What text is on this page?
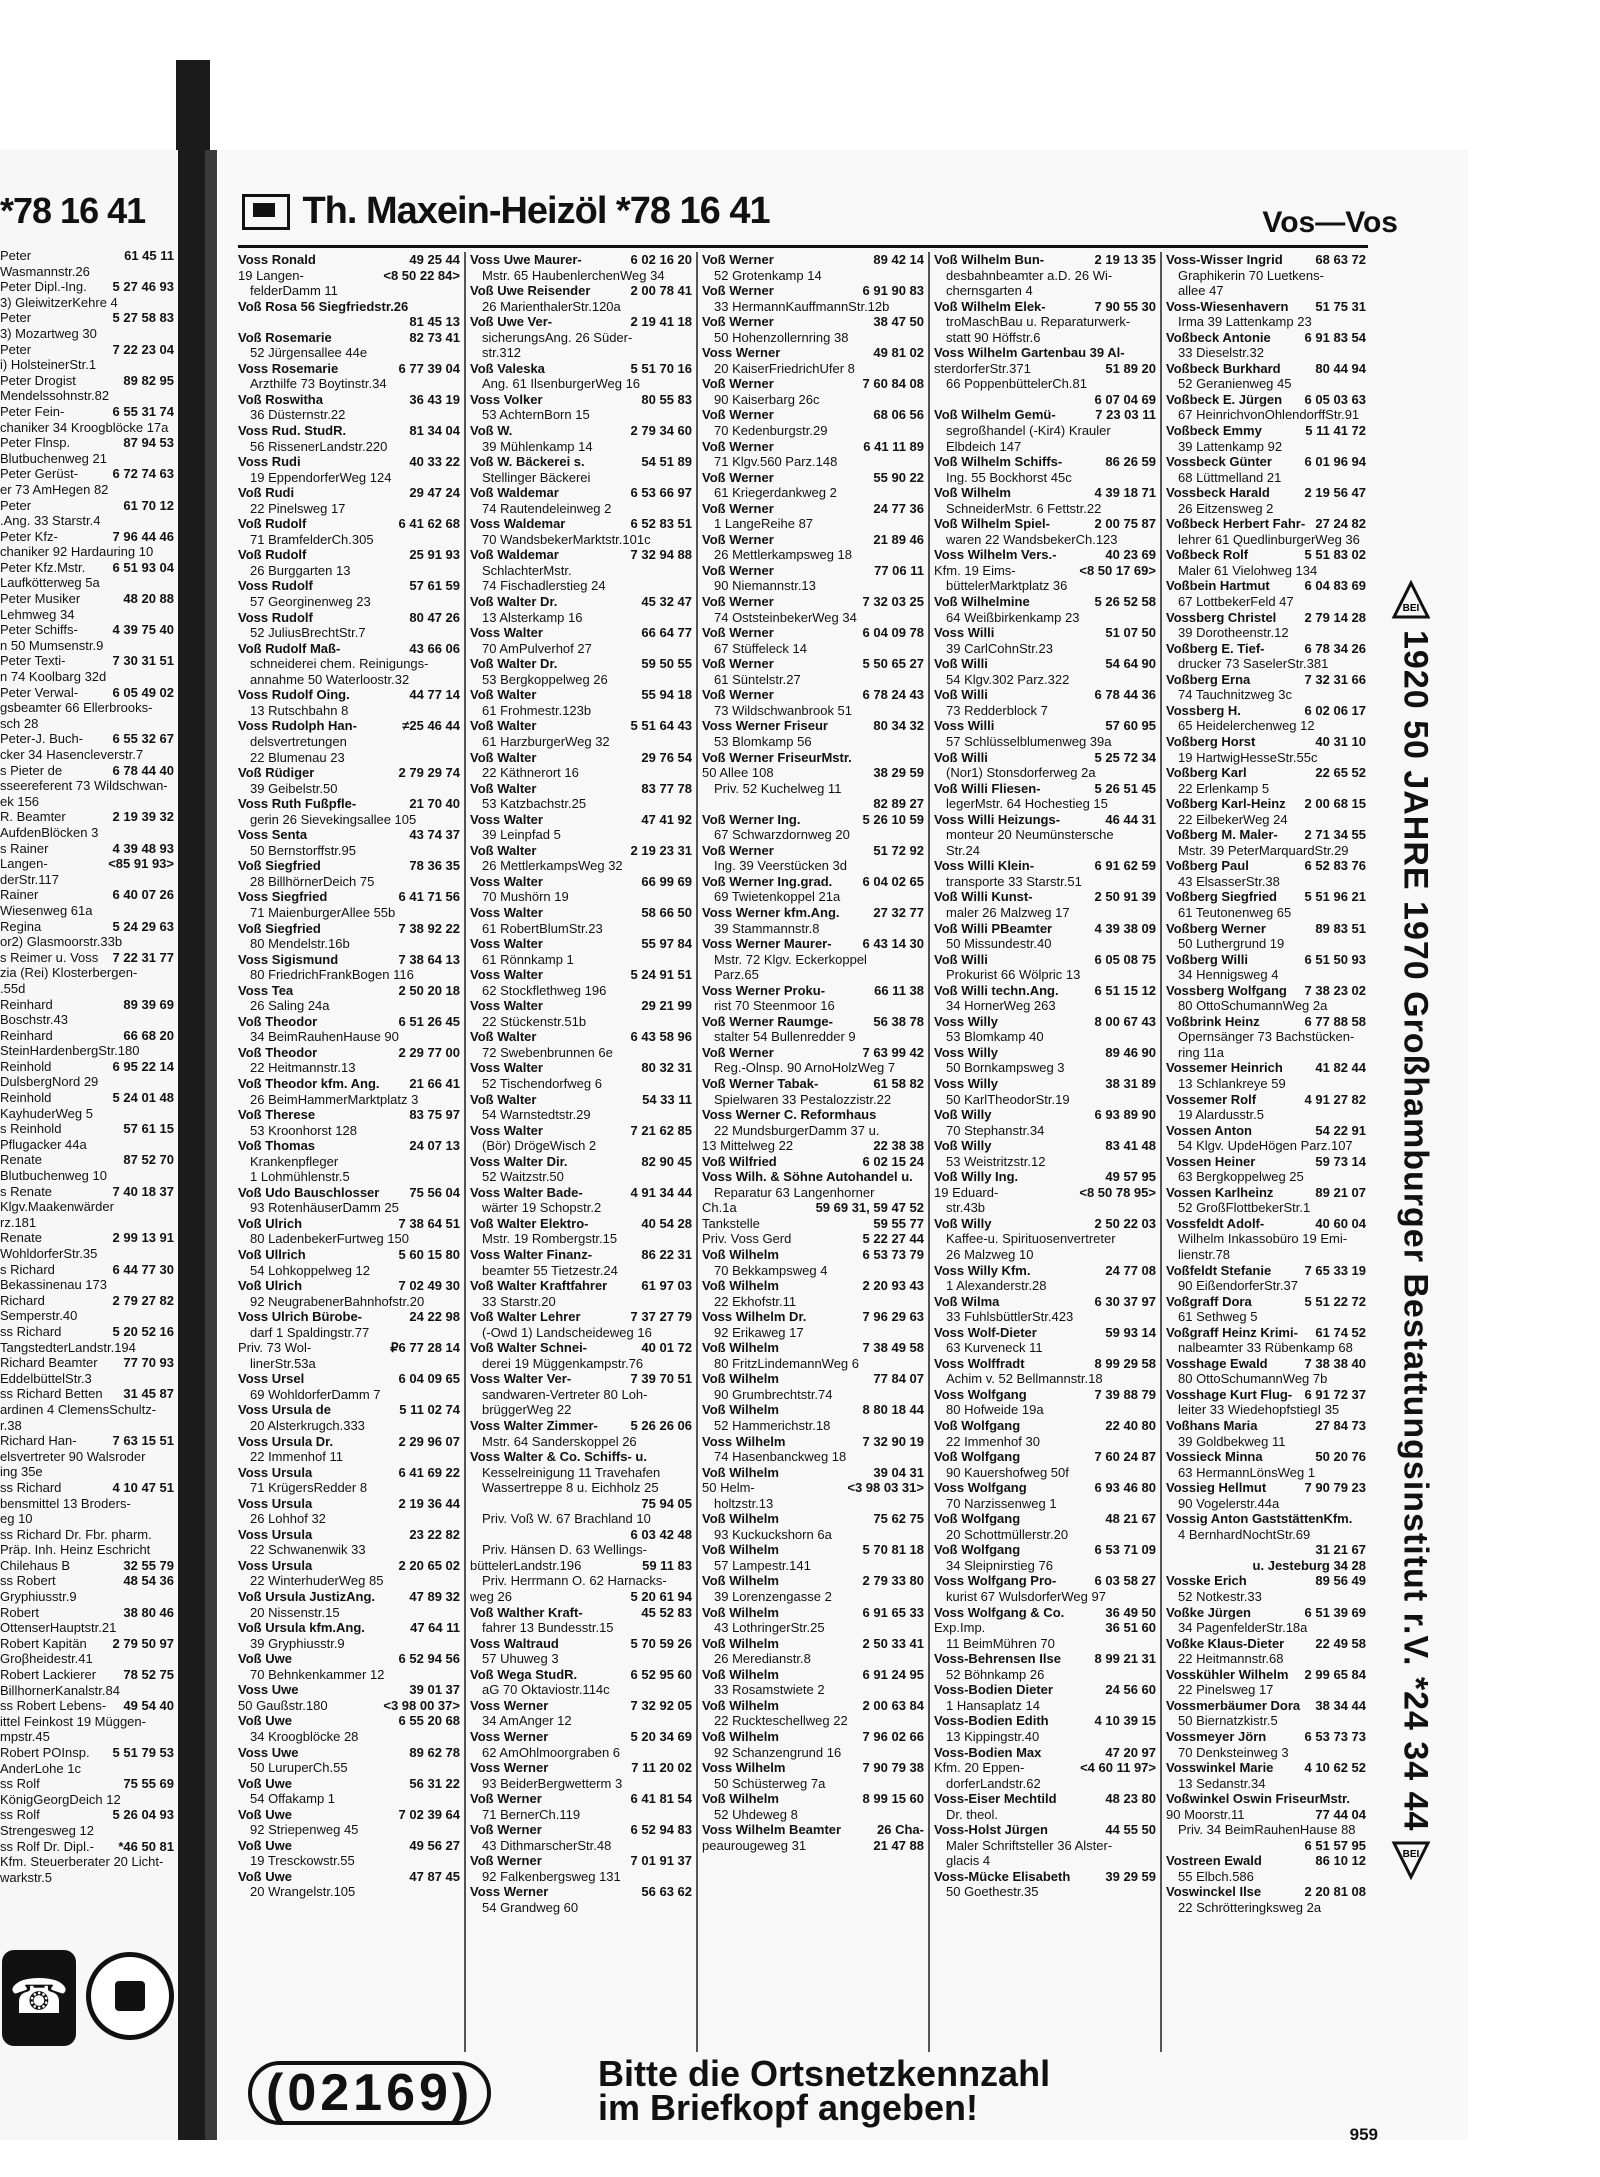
*78 16 41
61 45 11
Peter
Wasmannstr.26
5 27 46 93
Peter Dipl.-Ing.
3) GleiwitzerKehre 4
5 27 58 83
Peter
3) Mozartweg 30
7 22 23 04
Peter
i) HolsteinerStr.1
89 82 95
Peter Drogist
Mendelssohnstr.82
6 55 31 74
Peter Fein-
chaniker 34 Kroogblöcke 17a
87 94 53
Peter Flnsp.
Blutbuchenweg 21
6 72 74 63
Peter Gerüst-
er 73 AmHegen 82
61 70 12
Peter
.Ang. 33 Starstr.4
7 96 44 46
Peter Kfz-
chaniker 92 Hardauring 10
6 51 93 04
Peter Kfz.Mstr.
Laufkötterweg 5a
48 20 88
Peter Musiker
Lehmweg 34
4 39 75 40
Peter Schiffs-
n 50 Mumsenstr.9
7 30 31 51
Peter Texti-
n 74 Koolbarg 32d
6 05 49 02
Peter Verwal-
gsbeamter 66 Ellerbrooks-
sch 28
6 55 32 67
Peter-J. Buch-
cker 34 Hasencleverstr.7
6 78 44 40
s Pieter de
sseereferent 73 Wildschwan-
ek 156
2 19 39 32
R. Beamter
AufdenBlöcken 3
4 39 48 93
s Rainer
<85 91 93>
Langen-
derStr.117
6 40 07 26
Rainer
Wiesenweg 61a
5 24 29 63
Regina
or2) Glasmoorstr.33b
7 22 31 77
s Reimer u. Voss
zia (Rei) Klosterbergen-
.55d
89 39 69
Reinhard
Boschstr.43
66 68 20
Reinhard
SteinHardenbergStr.180
6 95 22 14
Reinhold
DulsbergNord 29
5 24 01 48
Reinhold
KayhuderWeg 5
57 61 15
s Reinhold
Pflugacker 44a
87 52 70
Renate
Blutbuchenweg 10
7 40 18 37
s Renate
Klgv.Maakenwärder
rz.181
2 99 13 91
Renate
WohldorferStr.35
6 44 77 30
s Richard
Bekassinenau 173
2 79 27 82
Richard
Semperstr.40
5 20 52 16
ss Richard
TangstedterLandstr.194
77 70 93
Richard Beamter
EddelbüttelStr.3
31 45 87
ss Richard Betten
ardinen 4 ClemensSchultz-
r.38
7 63 15 51
Richard Han-
elsvertreter 90 Walsroder
ing 35e
4 10 47 51
ss Richard
bensmittel 13 Broders-
eg 10
ss Richard Dr. Fbr. pharm.
Präp. Inh. Heinz Eschricht
32 55 79
Chilehaus B
48 54 36
ss Robert
Gryphiusstr.9
38 80 46
Robert
OttenserHauptstr.21
2 79 50 97
Robert Kapitän
Groβheidestr.41
78 52 75
Robert Lackierer
BillhornerKanalstr.84
49 54 40
ss Robert Lebens-
ittel Feinkost 19 Müggen-
mpstr.45
5 51 79 53
Robert POInsp.
AnderLohe 1c
75 55 69
ss Rolf
KönigGeorgDeich 12
5 26 04 93
ss Rolf
Strengesweg 12
*46 50 81
ss Rolf Dr. Dipl.-
Kfm. Steuerberater 20 Licht-
warkstr.5
☎
Th. Maxein-Heizöl *78 16 41	Vos—Vos
49 25 44
Voss Ronald
<8 50 22 84>
19 Langen-
felderDamm 11
Voß Rosa 56 Siegfriedstr.26
81 45 13
82 73 41
Voß Rosemarie
52 Jürgensallee 44e
6 77 39 04
Voss Rosemarie
Arzthilfe 73 Boytinstr.34
36 43 19
Voß Roswitha
36 Düsternstr.22
81 34 04
Voss Rud. StudR.
56 RissenerLandstr.220
40 33 22
Voss Rudi
19 EppendorferWeg 124
29 47 24
Voß Rudi
22 Pinelsweg 17
6 41 62 68
Voß Rudolf
71 BramfelderCh.305
25 91 93
Voß Rudolf
26 Burggarten 13
57 61 59
Voss Rudolf
57 Georginenweg 23
80 47 26
Voss Rudolf
52 JuliusBrechtStr.7
43 66 06
Voß Rudolf Maß-
schneiderei chem. Reinigungs-
annahme 50 Waterloostr.32
44 77 14
Voss Rudolf Oing.
13 Rutschbahn 8
≠25 46 44
Voss Rudolph Han-
delsvertretungen
22 Blumenau 23
2 79 29 74
Voß Rüdiger
39 Geibelstr.50
21 70 40
Voss Ruth Fußpfle-
gerin 26 Sievekingsallee 105
43 74 37
Voss Senta
50 Bernstorffstr.95
78 36 35
Voß Siegfried
28 BillhörnerDeich 75
6 41 71 56
Voss Siegfried
71 MaienburgerAllee 55b
7 38 92 22
Voß Siegfried
80 Mendelstr.16b
7 38 64 13
Voss Sigismund
80 FriedrichFrankBogen 116
2 50 20 18
Voss Tea
26 Saling 24a
6 51 26 45
Voß Theodor
34 BeimRauhenHause 90
2 29 77 00
Voß Theodor
22 Heitmannstr.13
21 66 41
Voß Theodor kfm. Ang.
26 BeimHammerMarktplatz 3
83 75 97
Voß Therese
53 Kroonhorst 128
24 07 13
Voß Thomas
Krankenpfleger
1 Lohmühlenstr.5
75 56 04
Voß Udo Bauschlosser
93 RotenhäuserDamm 25
7 38 64 51
Voß Ulrich
80 LadenbekerFurtweg 150
5 60 15 80
Voß Ullrich
54 Lohkoppelweg 12
7 02 49 30
Voß Ulrich
92 NeugrabenerBahnhofstr.20
24 22 98
Voss Ulrich Bürobe-
darf 1 Spaldingstr.77
₽6 77 28 14
Priv. 73 Wol-
linerStr.53a
6 04 09 65
Voss Ursel
69 WohldorferDamm 7
5 11 02 74
Voss Ursula de
20 Alsterkrugch.333
2 29 96 07
Voss Ursula Dr.
22 Immenhof 11
6 41 69 22
Voss Ursula
71 KrügersRedder 8
2 19 36 44
Voss Ursula
26 Lohhof 32
23 22 82
Voss Ursula
22 Schwanenwik 33
2 20 65 02
Voss Ursula
22 WinterhuderWeg 85
47 89 32
Voß Ursula JustizAng.
20 Nissenstr.15
47 64 11
Voß Ursula kfm.Ang.
39 Gryphiusstr.9
6 52 94 56
Voß Uwe
70 Behnkenkammer 12
39 01 37
Voss Uwe
<3 98 00 37>
50 Gaußstr.180
6 55 20 68
Voß Uwe
34 Kroogblöcke 28
89 62 78
Voss Uwe
50 LuruperCh.55
56 31 22
Voß Uwe
54 Offakamp 1
7 02 39 64
Voß Uwe
92 Striepenweg 45
49 56 27
Voß Uwe
19 Tresckowstr.55
47 87 45
Voß Uwe
20 Wrangelstr.105
6 02 16 20
Voss Uwe Maurer-
Mstr. 65 HaubenlerchenWeg 34
2 00 78 41
Voß Uwe Reisender
26 MarienthalerStr.120a
2 19 41 18
Voß Uwe Ver-
sicherungsAng. 26 Süder-
str.312
5 51 70 16
Voß Valeska
Ang. 61 IlsenburgerWeg 16
80 55 83
Voss Volker
53 AchternBorn 15
2 79 34 60
Voß W.
39 Mühlenkamp 14
54 51 89
Voß W. Bäckerei s.
Stellinger Bäckerei
6 53 66 97
Voß Waldemar
74 Rautendeleinweg 2
6 52 83 51
Voss Waldemar
70 WandsbekerMarktstr.101c
7 32 94 88
Voß Waldemar
SchlachterMstr.
74 Fischadlerstieg 24
45 32 47
Voß Walter Dr.
13 Alsterkamp 16
66 64 77
Voss Walter
70 AmPulverhof 27
59 50 55
Voß Walter Dr.
53 Bergkoppelweg 26
55 94 18
Voß Walter
61 Frohmestr.123b
5 51 64 43
Voß Walter
61 HarzburgerWeg 32
29 76 54
Voß Walter
22 Käthnerort 16
83 77 78
Voß Walter
53 Katzbachstr.25
47 41 92
Voss Walter
39 Leinpfad 5
2 19 23 31
Voß Walter
26 MettlerkampsWeg 32
66 99 69
Voss Walter
70 Mushörn 19
58 66 50
Voss Walter
61 RobertBlumStr.23
55 97 84
Voss Walter
61 Rönnkamp 1
5 24 91 51
Voss Walter
62 Stockflethweg 196
29 21 99
Voss Walter
22 Stückenstr.51b
6 43 58 96
Voß Walter
72 Swebenbrunnen 6e
80 32 31
Voss Walter
52 Tischendorfweg 6
54 33 11
Voß Walter
54 Warnstedtstr.29
7 21 62 85
Voss Walter
(Bör) DrögeWisch 2
82 90 45
Voss Walter Dir.
52 Waitzstr.50
4 91 34 44
Voss Walter Bade-
wärter 19 Schopstr.2
40 54 28
Voß Walter Elektro-
Mstr. 19 Rombergstr.15
86 22 31
Voss Walter Finanz-
beamter 55 Tietzestr.24
61 97 03
Voß Walter Kraftfahrer
33 Starstr.20
7 37 27 79
Voß Walter Lehrer
(-Owd 1) Landscheideweg 16
40 01 72
Voß Walter Schnei-
derei 19 Müggenkampstr.76
7 39 70 51
Voss Walter Ver-
sandwaren-Vertreter 80 Loh-
brüggerWeg 22
5 26 26 06
Voss Walter Zimmer-
Mstr. 64 Sanderskoppel 26
Voss Walter & Co. Schiffs- u.
Kesselreinigung 11 Travehafen
Wassertreppe 8 u. Eichholz 25
75 94 05
Priv. Voß W. 67 Brachland 10
6 03 42 48
Priv. Hänsen D. 63 Wellings-
59 11 83
büttelerLandstr.196
Priv. Herrmann O. 62 Harnacks-
5 20 61 94
weg 26
45 52 83
Voß Walther Kraft-
fahrer 13 Bundesstr.15
5 70 59 26
Voss Waltraud
57 Uhuweg 3
6 52 95 60
Voß Wega StudR.
aG 70 Oktaviostr.114c
7 32 92 05
Voss Werner
34 AmAnger 12
5 20 34 69
Voss Werner
62 AmOhlmoorgraben 6
7 11 20 02
Voss Werner
93 BeiderBergwetterm 3
6 41 81 54
Voß Werner
71 BernerCh.119
6 52 94 83
Voß Werner
43 DithmarscherStr.48
7 01 91 37
Voß Werner
92 Falkenbergsweg 131
56 63 62
Voss Werner
54 Grandweg 60
89 42 14
Voß Werner
52 Grotenkamp 14
6 91 90 83
Voß Werner
33 HermannKauffmannStr.12b
38 47 50
Voß Werner
50 Hohenzollernring 38
49 81 02
Voss Werner
20 KaiserFriedrichUfer 8
7 60 84 08
Voß Werner
90 Kaiserbarg 26c
68 06 56
Voß Werner
70 Kedenburgstr.29
6 41 11 89
Voß Werner
71 Klgv.560 Parz.148
55 90 22
Voß Werner
61 Kriegerdankweg 2
24 77 36
Voß Werner
1 LangeReihe 87
21 89 46
Voß Werner
26 Mettlerkampsweg 18
77 06 11
Voß Werner
90 Niemannstr.13
7 32 03 25
Voß Werner
74 OststeinbekerWeg 34
6 04 09 78
Voß Werner
67 Stüffeleck 14
5 50 65 27
Voß Werner
61 Süntelstr.27
6 78 24 43
Voß Werner
73 Wildschwanbrook 51
80 34 32
Voss Werner Friseur
53 Blomkamp 56
Voß Werner FriseurMstr.
38 29 59
50 Allee 108
Priv. 52 Kuchelweg 11
82 89 27
5 26 10 59
Voß Werner Ing.
67 Schwarzdornweg 20
51 72 92
Voß Werner
Ing. 39 Veerstücken 3d
6 04 02 65
Voß Werner Ing.grad.
69 Twietenkoppel 21a
27 32 77
Voss Werner kfm.Ang.
39 Stammannstr.8
6 43 14 30
Voss Werner Maurer-
Mstr. 72 Klgv. Eckerkoppel
Parz.65
66 11 38
Voss Werner Proku-
rist 70 Steenmoor 16
56 38 78
Voß Werner Raumge-
stalter 54 Bullenredder 9
7 63 99 42
Voß Werner
Reg.-Olnsp. 90 ArnoHolzWeg 7
61 58 82
Voß Werner Tabak-
Spielwaren 33 Pestalozzistr.22
Voss Werner C. Reformhaus
22 MundsburgerDamm 37 u.
22 38 38
13 Mittelweg 22
6 02 15 24
Voß Wilfried
Voss Wilh. & Söhne Autohandel u.
Reparatur 63 Langenhorner
59 69 31, 59 47 52
Ch.1a
59 55 77
Tankstelle
5 22 27 44
Priv. Voss Gerd
6 53 73 79
Voß Wilhelm
70 Bekkampsweg 4
2 20 93 43
Voß Wilhelm
22 Ekhofstr.11
7 96 29 63
Voss Wilhelm Dr.
92 Erikaweg 17
7 38 49 58
Voß Wilhelm
80 FritzLindemannWeg 6
77 84 07
Voß Wilhelm
90 Grumbrechtstr.74
8 80 18 44
Voß Wilhelm
52 Hammerichstr.18
7 32 90 19
Voss Wilhelm
74 Hasenbanckweg 18
39 04 31
Voß Wilhelm
<3 98 03 31>
50 Helm-
holtzstr.13
75 62 75
Voß Wilhelm
93 Kuckuckshorn 6a
5 70 81 18
Voß Wilhelm
57 Lampestr.141
2 79 33 80
Voß Wilhelm
39 Lorenzengasse 2
6 91 65 33
Voß Wilhelm
43 LothringerStr.25
2 50 33 41
Voß Wilhelm
26 Meredianstr.8
6 91 24 95
Voß Wilhelm
33 Rosamstwiete 2
2 00 63 84
Voß Wilhelm
22 Ruckteschellweg 22
7 96 02 66
Voß Wilhelm
92 Schanzengrund 16
7 90 79 38
Voss Wilhelm
50 Schüsterweg 7a
8 99 15 60
Voß Wilhelm
52 Uhdeweg 8
26 Cha-
Voss Wilhelm Beamter
21 47 88
peaurougeweg 31
2 19 13 35
Voß Wilhelm Bun-
desbahnbeamter a.D. 26 Wi-
chernsgarten 4
7 90 55 30
Voß Wilhelm Elek-
troMaschBau u. Reparaturwerk-
statt 90 Höffstr.6
Voss Wilhelm Gartenbau 39 Al-
51 89 20
sterdorferStr.371
66 PoppenbüttelerCh.81
6 07 04 69
7 23 03 11
Voß Wilhelm Gemü-
segroßhandel (-Kir4) Krauler
Elbdeich 147
86 26 59
Voß Wilhelm Schiffs-
Ing. 55 Bockhorst 45c
4 39 18 71
Voß Wilhelm
SchneiderMstr. 6 Fettstr.22
2 00 75 87
Voß Wilhelm Spiel-
waren 22 WandsbekerCh.123
40 23 69
Voss Wilhelm Vers.-
<8 50 17 69>
Kfm. 19 Eims-
büttelerMarktplatz 36
5 26 52 58
Voß Wilhelmine
64 Weißbirkenkamp 23
51 07 50
Voss Willi
39 CarlCohnStr.23
54 64 90
Voß Willi
54 Klgv.302 Parz.322
6 78 44 36
Voß Willi
73 Redderblock 7
57 60 95
Voss Willi
57 Schlüsselblumenweg 39a
5 25 72 34
Voß Willi
(Nor1) Stonsdorferweg 2a
5 26 51 45
Voß Willi Fliesen-
legerMstr. 64 Hochestieg 15
46 44 31
Voss Willi Heizungs-
monteur 20 Neumünstersche
Str.24
6 91 62 59
Voss Willi Klein-
transporte 33 Starstr.51
2 50 91 39
Voß Willi Kunst-
maler 26 Malzweg 17
4 39 38 09
Voß Willi PBeamter
50 Missundestr.40
6 05 08 75
Voß Willi
Prokurist 66 Wölpric 13
6 51 15 12
Voß Willi techn.Ang.
34 HornerWeg 263
8 00 67 43
Voss Willy
53 Blomkamp 40
89 46 90
Voss Willy
50 Bornkampsweg 3
38 31 89
Voss Willy
50 KarlTheodorStr.19
6 93 89 90
Voß Willy
70 Stephanstr.34
83 41 48
Voß Willy
53 Weistritzstr.12
49 57 95
Voß Willy Ing.
<8 50 78 95>
19 Eduard-
str.43b
2 50 22 03
Voß Willy
Kaffee-u. Spirituosenvertreter
26 Malzweg 10
24 77 08
Voss Willy Kfm.
1 Alexanderstr.28
6 30 37 97
Voß Wilma
33 FuhlsbüttlerStr.423
59 93 14
Voss Wolf-Dieter
63 Kurveneck 11
8 99 29 58
Voss Wolffradt
Achim v. 52 Bellmannstr.18
7 39 88 79
Voss Wolfgang
80 Hofweide 19a
22 40 80
Voß Wolfgang
22 Immenhof 30
7 60 24 87
Voß Wolfgang
90 Kauershofweg 50f
6 93 46 80
Voss Wolfgang
70 Narzissenweg 1
48 21 67
Voß Wolfgang
20 Schottmüllerstr.20
6 53 71 09
Voß Wolfgang
34 Sleipnirstieg 76
6 03 58 27
Voss Wolfgang Pro-
kurist 67 WulsdorferWeg 97
36 49 50
Voss Wolfgang & Co.
36 51 60
Exp.Imp.
11 BeimMühren 70
8 99 21 31
Voss-Behrensen Ilse
52 Böhnkamp 26
24 56 60
Voss-Bodien Dieter
1 Hansaplatz 14
4 10 39 15
Voss-Bodien Edith
13 Kippingstr.40
47 20 97
Voss-Bodien Max
<4 60 11 97>
Kfm. 20 Eppen-
dorferLandstr.62
48 23 80
Voss-Eiser Mechtild
Dr. theol.
44 55 50
Voss-Holst Jürgen
Maler Schriftsteller 36 Alster-
glacis 4
39 29 59
Voss-Mücke Elisabeth
50 Goethestr.35
68 63 72
Voss-Wisser Ingrid
Graphikerin 70 Luetkens-
allee 47
51 75 31
Voss-Wiesenhavern
Irma 39 Lattenkamp 23
6 91 83 54
Voßbeck Antonie
33 Dieselstr.32
80 44 94
Voßbeck Burkhard
52 Geranienweg 45
6 05 03 63
Voßbeck E. Jürgen
67 HeinrichvonOhlendorffStr.91
5 11 41 72
Voßbeck Emmy
39 Lattenkamp 92
6 01 96 94
Vossbeck Günter
68 Lüttmelland 21
2 19 56 47
Vossbeck Harald
26 Eitzensweg 2
27 24 82
Voßbeck Herbert Fahr-
lehrer 61 QuedlinburgerWeg 36
5 51 83 02
Voßbeck Rolf
Maler 61 Vielohweg 134
6 04 83 69
Voßbein Hartmut
67 LottbekerFeld 47
2 79 14 28
Vossberg Christel
39 Dorotheenstr.12
6 78 34 26
Voßberg E. Tief-
drucker 73 SaselerStr.381
7 32 31 66
Voßberg Erna
74 Tauchnitzweg 3c
6 02 06 17
Vossberg H.
65 Heidelerchenweg 12
40 31 10
Voßberg Horst
19 HartwigHesseStr.55c
22 65 52
Voßberg Karl
22 Erlenkamp 5
2 00 68 15
Voßberg Karl-Heinz
22 EilbekerWeg 24
2 71 34 55
Voßberg M. Maler-
Mstr. 39 PeterMarquardStr.29
6 52 83 76
Voßberg Paul
43 ElsasserStr.38
5 51 96 21
Voßberg Siegfried
61 Teutonenweg 65
89 83 51
Voßberg Werner
50 Luthergrund 19
6 51 50 93
Voßberg Willi
34 Hennigsweg 4
7 38 23 02
Vossberg Wolfgang
80 OttoSchumannWeg 2a
6 77 88 58
Voßbrink Heinz
Opernsänger 73 Bachstücken-
ring 11a
41 82 44
Vossemer Heinrich
13 Schlankreye 59
4 91 27 82
Vossemer Rolf
19 Alardusstr.5
54 22 91
Vossen Anton
54 Klgv. UpdeHögen Parz.107
59 73 14
Vossen Heiner
63 Bergkoppelweg 25
89 21 07
Vossen Karlheinz
52 GroßFlottbekerStr.1
40 60 04
Vossfeldt Adolf-
Wilhelm Inkassobüro 19 Emi-
lienstr.78
7 65 33 19
Voßfeldt Stefanie
90 EißendorferStr.37
5 51 22 72
Voßgraff Dora
61 Sethweg 5
61 74 52
Voßgraff Heinz Krimi-
nalbeamter 33 Rübenkamp 68
7 38 38 40
Vosshage Ewald
80 OttoSchumannWeg 7b
6 91 72 37
Vosshage Kurt Flug-
leiter 33 WiedehopfstiegI 35
27 84 73
Voßhans Maria
39 Goldbekweg 11
50 20 76
Vossieck Minna
63 HermannLönsWeg 1
7 90 79 23
Vossieg Hellmut
90 Vogelerstr.44a
Vossig Anton GaststättenKfm.
4 BernhardNochtStr.69
31 21 67
u. Jesteburg 34 28
89 56 49
Vosske Erich
52 Notkestr.33
6 51 39 69
Voßke Jürgen
34 PagenfelderStr.18a
22 49 58
Voßke Klaus-Dieter
22 Heitmannstr.68
2 99 65 84
Vosskühler Wilhelm
22 Pinelsweg 17
38 34 44
Vossmerbäumer Dora
50 Biernatzkistr.5
6 53 73 73
Vossmeyer Jörn
70 Denksteinweg 3
4 10 62 52
Vosswinkel Marie
13 Sedanstr.34
Voßwinkel Oswin FriseurMstr.
77 44 04
90 Moorstr.11
Priv. 34 BeimRauhenHause 88
6 51 57 95
86 10 12
Vostreen Ewald
55 Elbch.586
2 20 81 08
Voswinckel Ilse
22 Schrötteringksweg 2a
BEI
1920 50 JAHRE 1970 Großhamburger Bestattungsinstitut r.V. *24 34 44
BEI
(02169)	Bitte die Ortsnetzkennzahl
im Briefkopf angeben!
959
